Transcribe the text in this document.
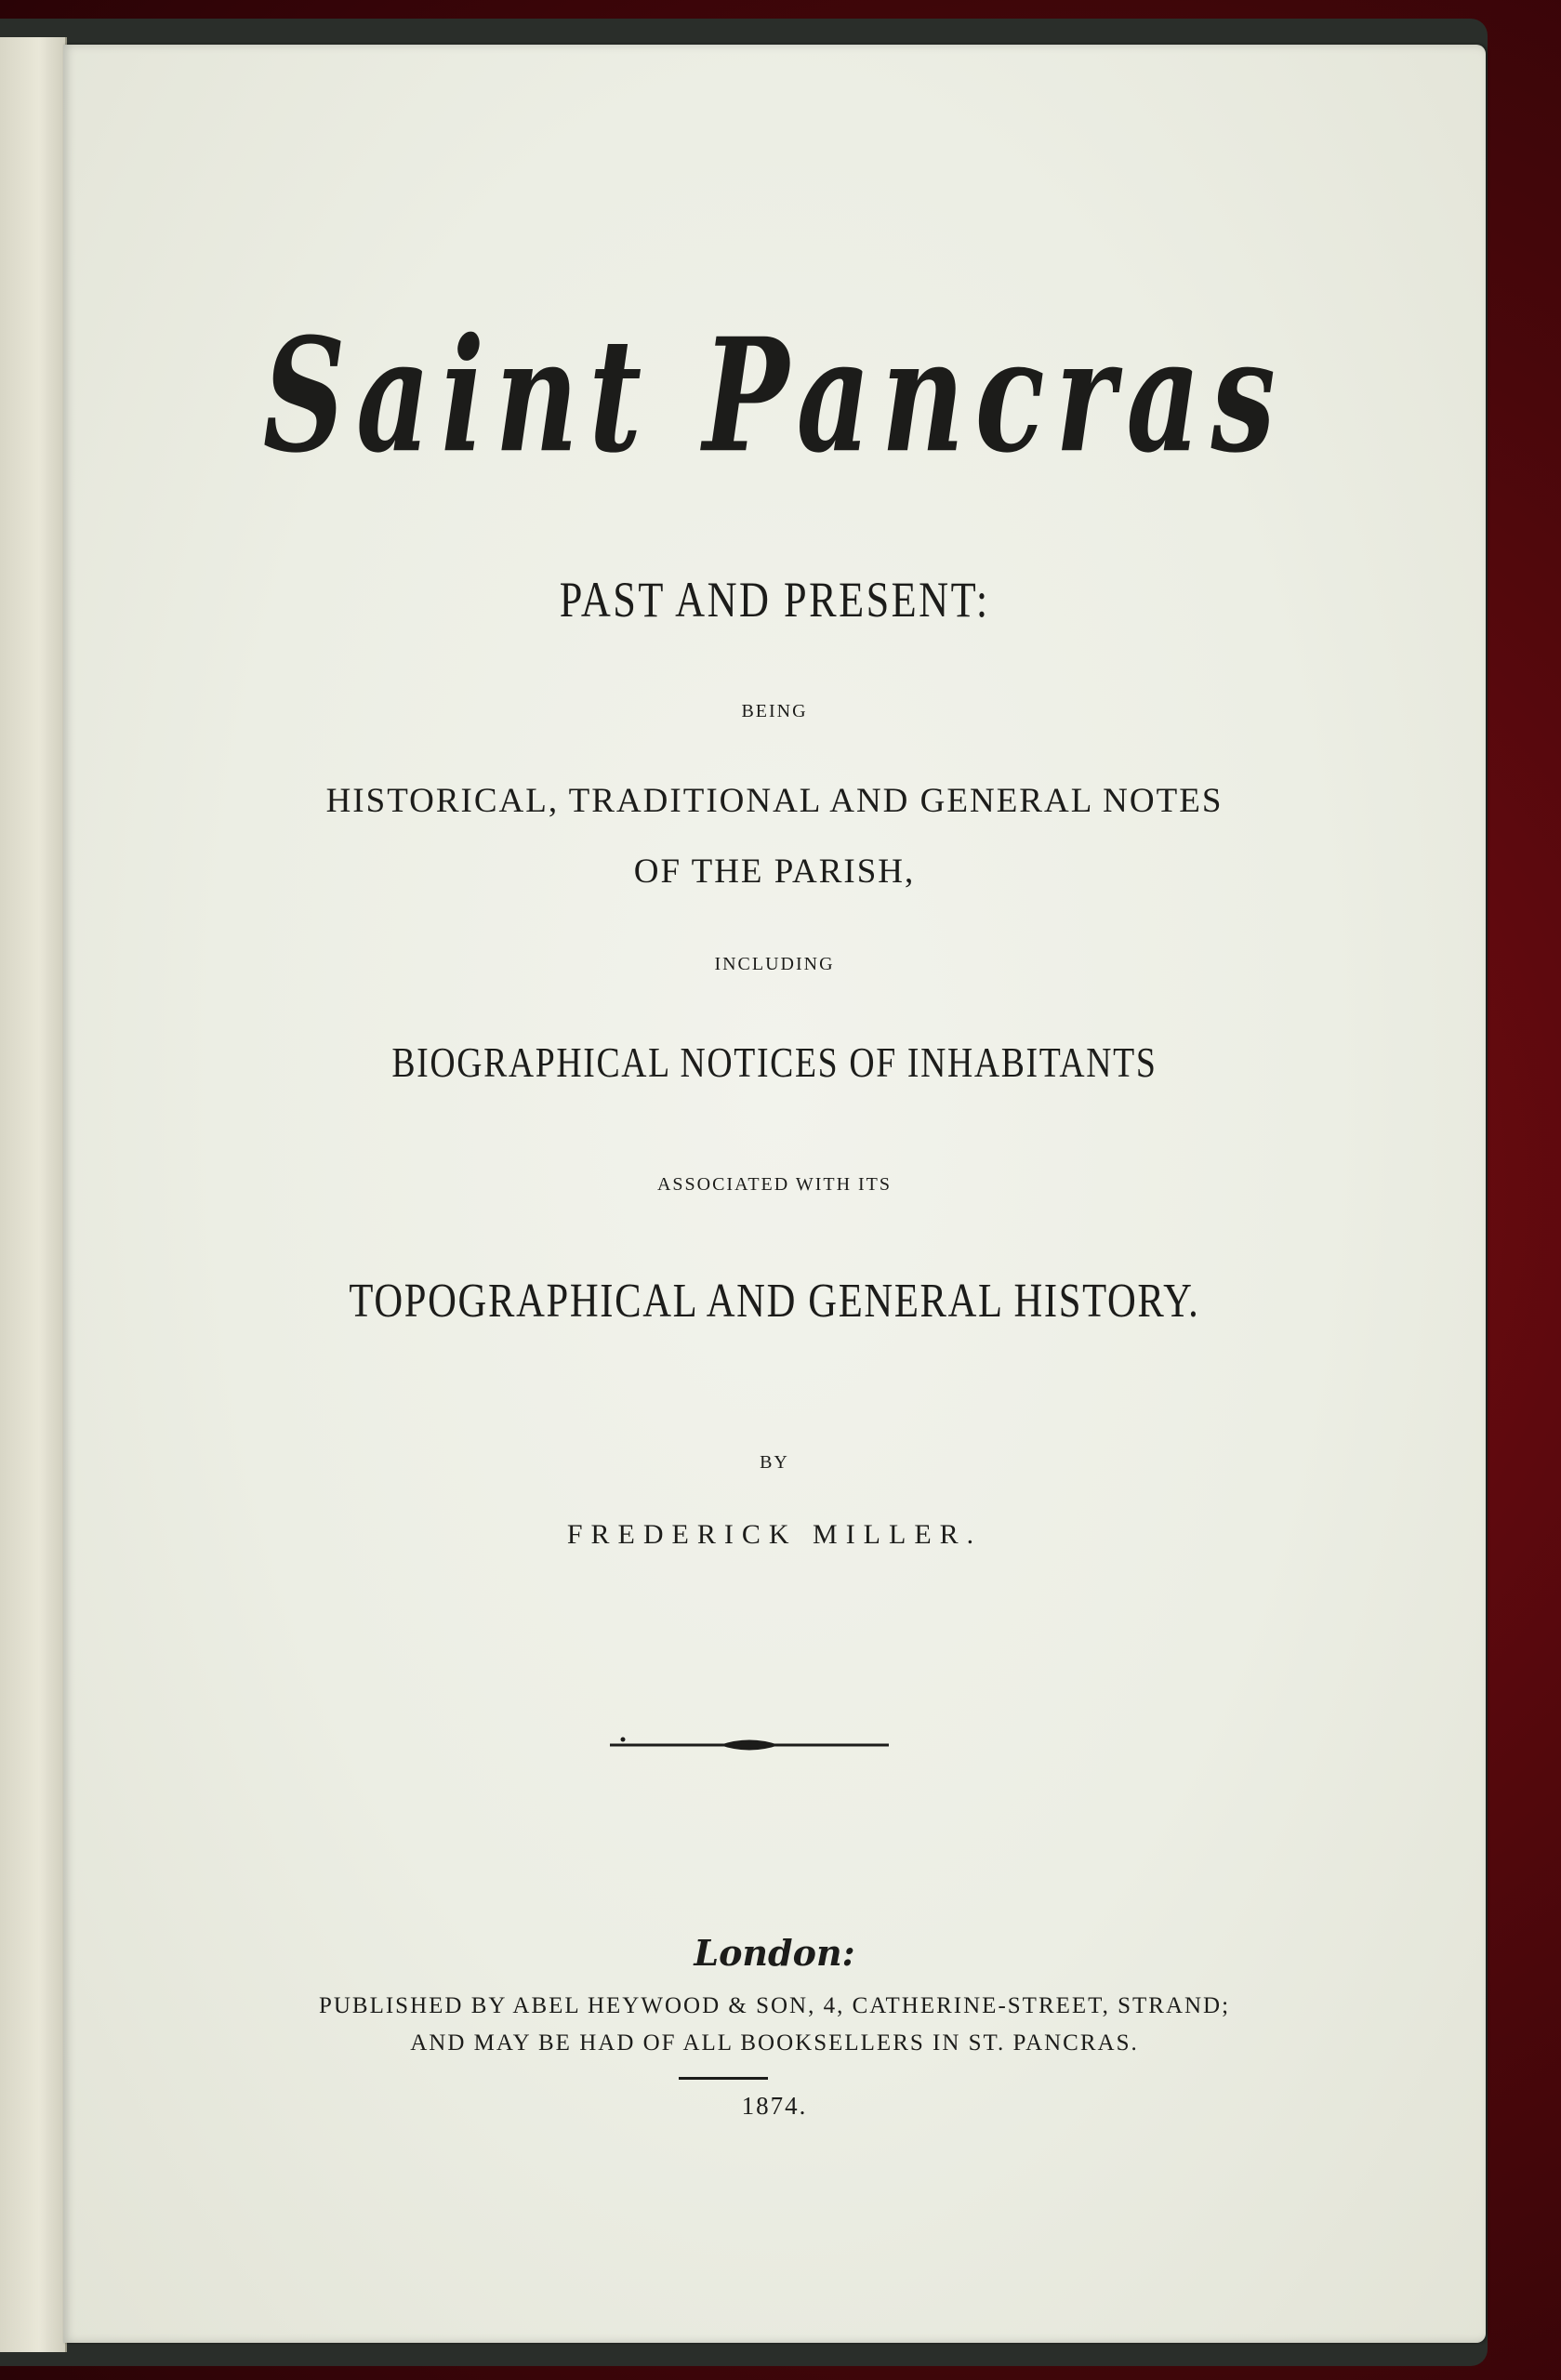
Saint Pancras
PAST AND PRESENT:
BEING
HISTORICAL, TRADITIONAL AND GENERAL NOTES
OF THE PARISH,
INCLUDING
BIOGRAPHICAL NOTICES OF INHABITANTS
ASSOCIATED WITH ITS
TOPOGRAPHICAL AND GENERAL HISTORY.
BY
FREDERICK MILLER.
London:
PUBLISHED BY ABEL HEYWOOD & SON, 4, CATHERINE-STREET, STRAND;
AND MAY BE HAD OF ALL BOOKSELLERS IN ST. PANCRAS.
1874.
